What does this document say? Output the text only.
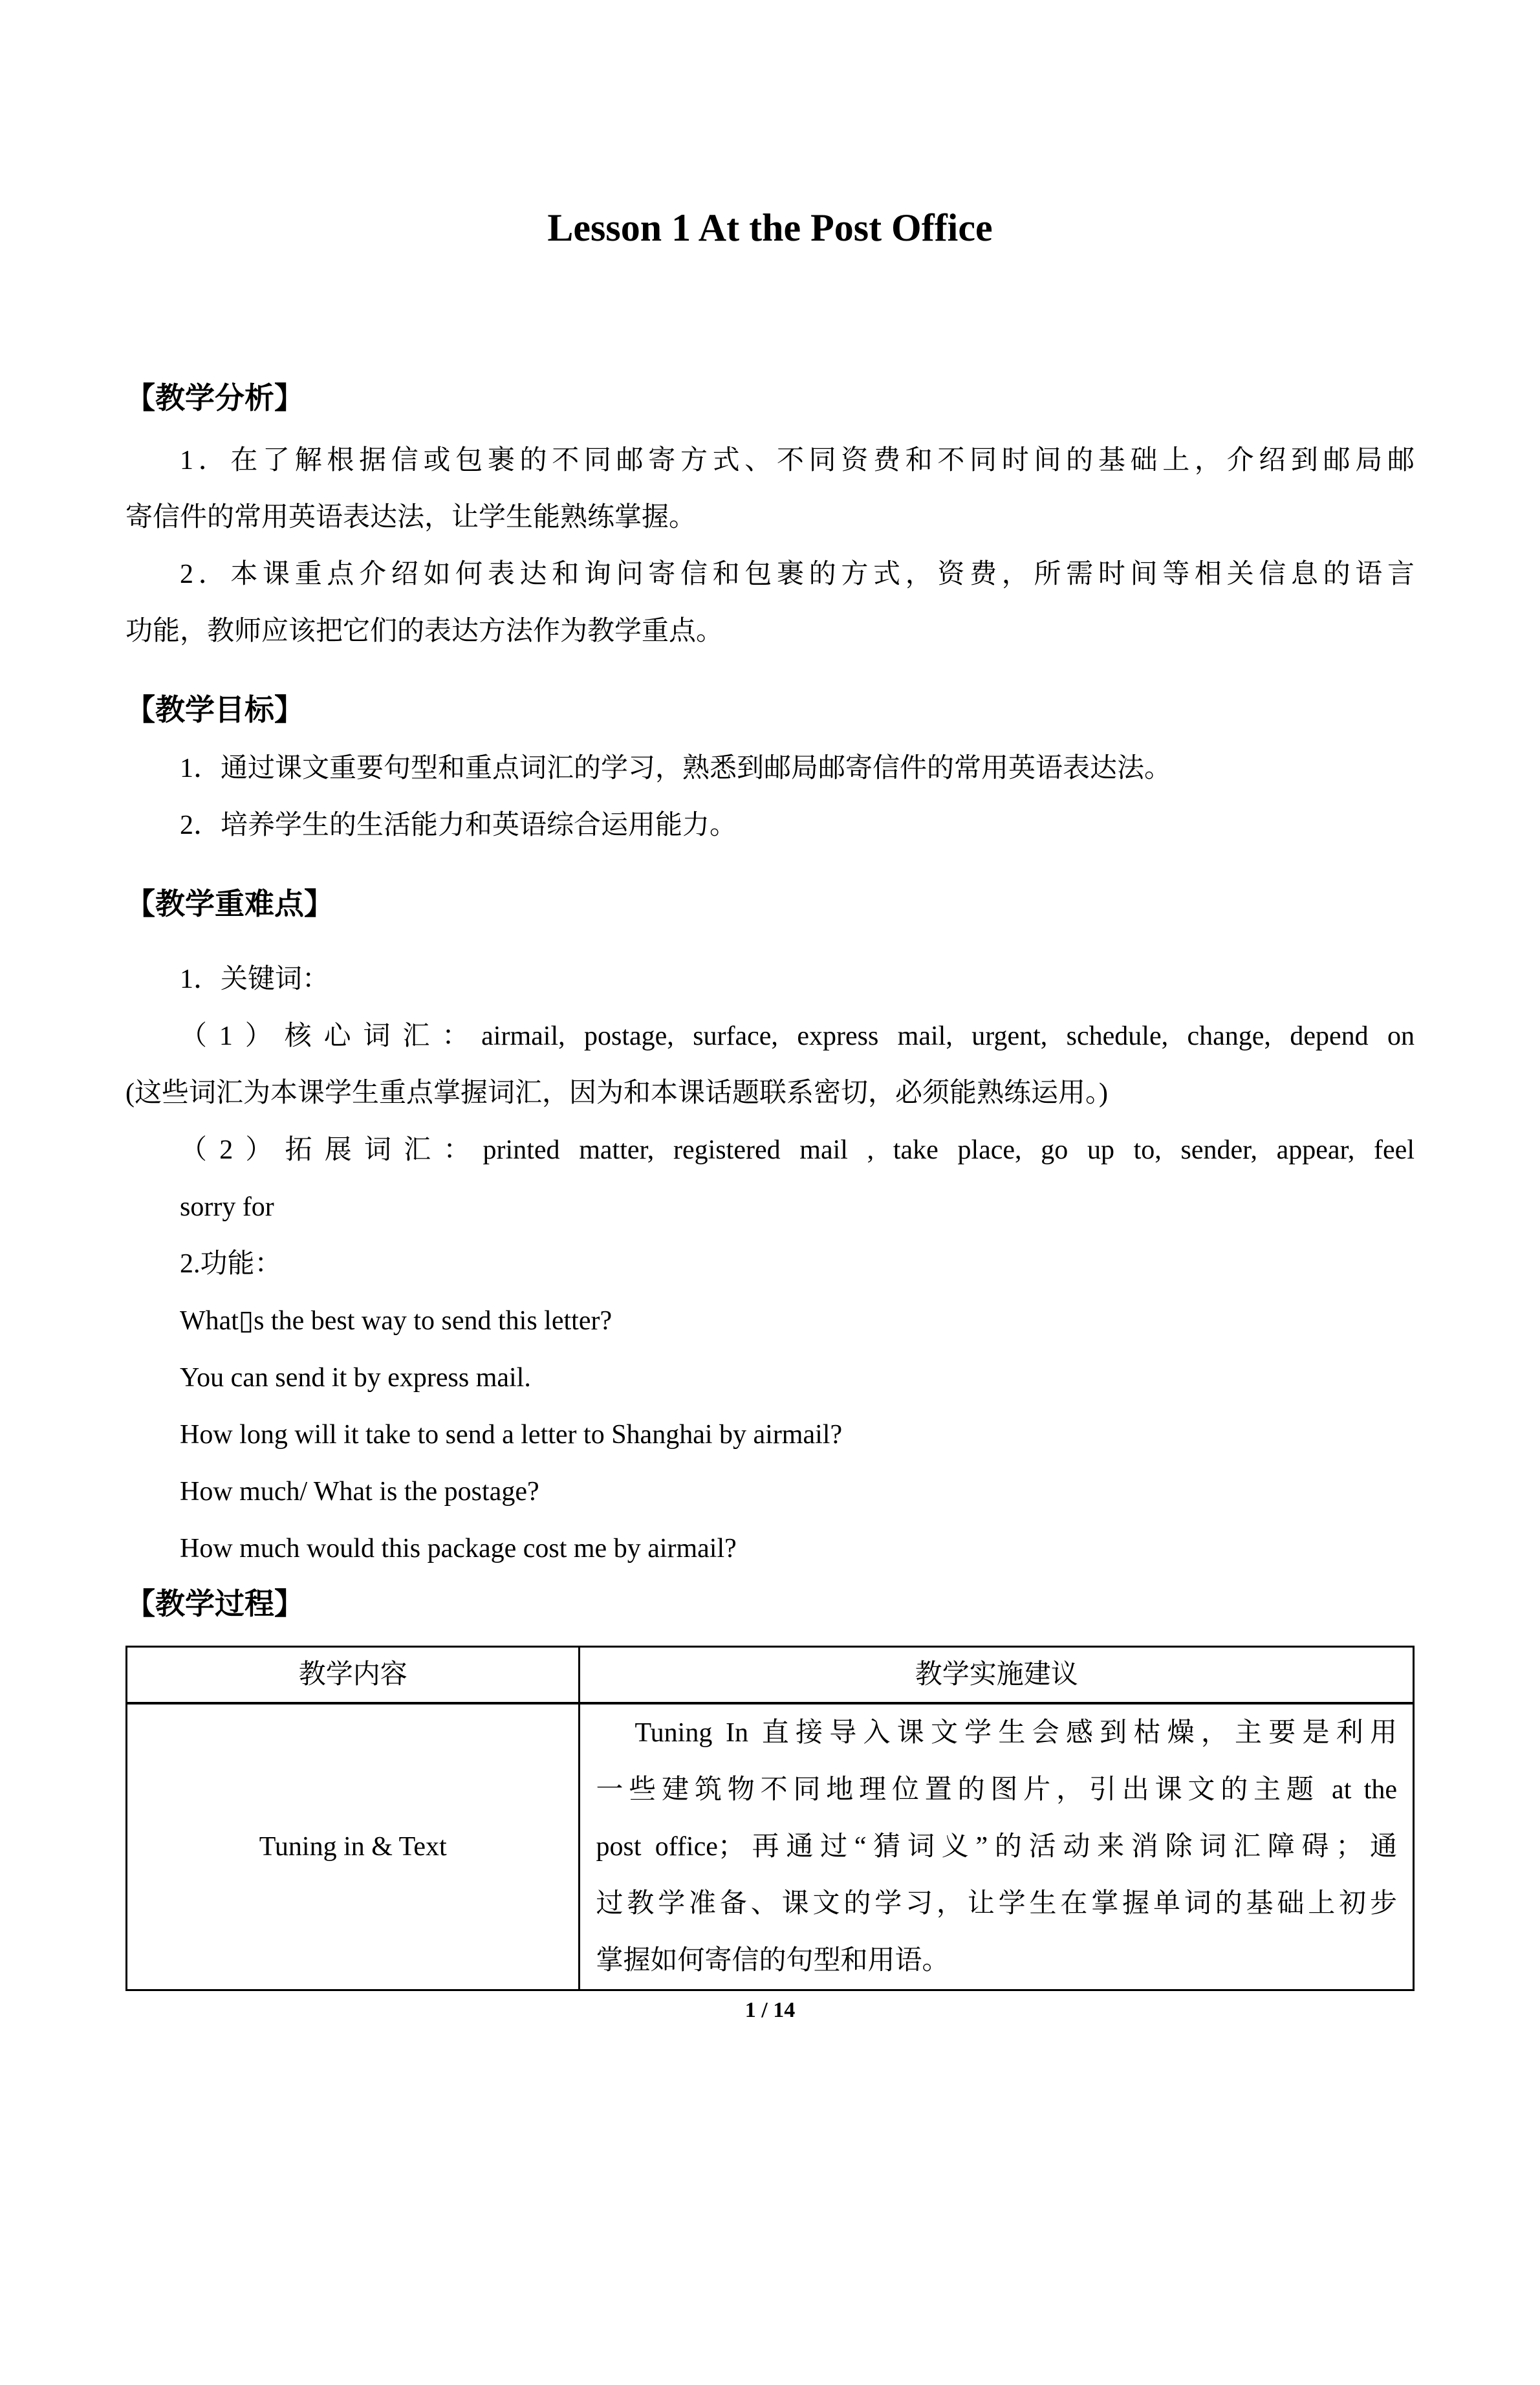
Lesson 1 At the Post Office
【教学分析】
1．在了解根据信或包裹的不同邮寄方式、不同资费和不同时间的基础上，介绍到邮局邮
寄信件的常用英语表达法，让学生能熟练掌握。
2．本课重点介绍如何表达和询问寄信和包裹的方式，资费，所需时间等相关信息的语言
功能，教师应该把它们的表达方法作为教学重点。
【教学目标】
1．通过课文重要句型和重点词汇的学习，熟悉到邮局邮寄信件的常用英语表达法。
2．培养学生的生活能力和英语综合运用能力。
【教学重难点】
1．关键词：
（1）核心词汇：airmail, postage, surface, express mail, urgent, schedule, change, depend on
(这些词汇为本课学生重点掌握词汇，因为和本课话题联系密切，必须能熟练运用。)
（2）拓展词汇：printed matter, registered mail , take place, go up to, sender, appear, feel
sorry for
2.功能：
What▯s the best way to send this letter?
You can send it by express mail.
How long will it take to send a letter to Shanghai by airmail?
How much/ What is the postage?
How much would this package cost me by airmail?
【教学过程】
教学内容	教学实施建议
Tuning in & Text	Tuning In 直接导入课文学生会感到枯燥，主要是利用
一些建筑物不同地理位置的图片，引出课文的主题 at the
post office；再通过“猜词义”的活动来消除词汇障碍；通
过教学准备、课文的学习，让学生在掌握单词的基础上初步
掌握如何寄信的句型和用语。
1 / 14
